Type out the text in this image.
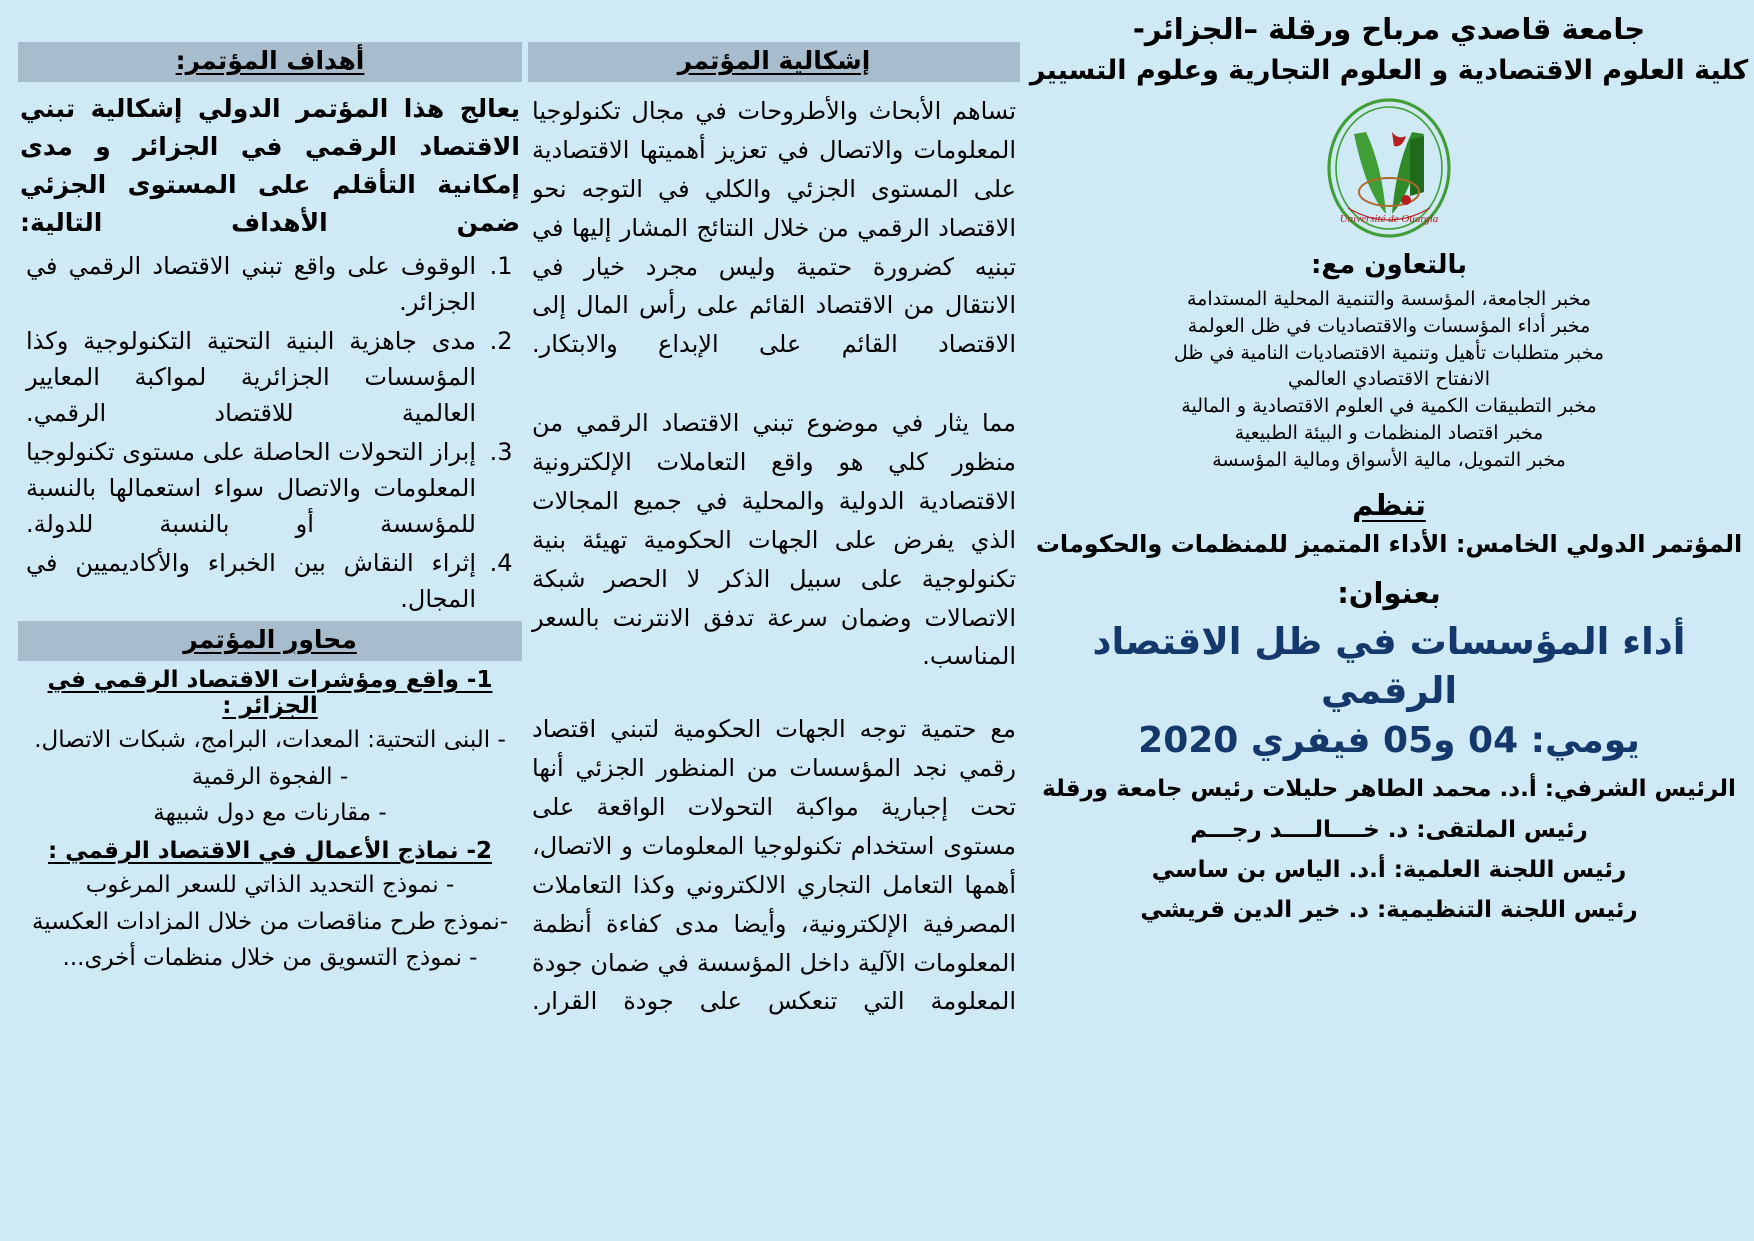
أهداف المؤتمر:
يعالج هذا المؤتمر الدولي إشكالية تبني الاقتصاد الرقمي في الجزائر و مدى إمكانية التأقلم على المستوى الجزئي ضمن الأهداف التالية:
1. الوقوف على واقع تبني الاقتصاد الرقمي في الجزائر.
2. مدى جاهزية البنية التحتية التكنولوجية وكذا المؤسسات الجزائرية لمواكبة المعايير العالمية للاقتصاد الرقمي.
3. إبراز التحولات الحاصلة على مستوى تكنولوجيا المعلومات والاتصال سواء استعمالها بالنسبة للمؤسسة أو بالنسبة للدولة.
4. إثراء النقاش بين الخبراء والأكاديميين في المجال.
محاور المؤتمر
1- واقع ومؤشرات الاقتصاد الرقمي في الجزائر :
- البنى التحتية: المعدات، البرامج، شبكات الاتصال.
- الفجوة الرقمية
- مقارنات مع دول شبيهة
2- نماذج الأعمال في الاقتصاد الرقمي :
- نموذج التحديد الذاتي للسعر المرغوب
-نموذج طرح مناقصات من خلال المزادات العكسية
- نموذج التسويق من خلال منظمات أخرى...
إشكالية المؤتمر
تساهم الأبحاث والأطروحات في مجال تكنولوجيا المعلومات والاتصال في تعزيز أهميتها الاقتصادية على المستوى الجزئي والكلي في التوجه نحو الاقتصاد الرقمي من خلال النتائج المشار إليها في تبنيه كضرورة حتمية وليس مجرد خيار في الانتقال من الاقتصاد القائم على رأس المال إلى الاقتصاد القائم على الإبداع والابتكار.
مما يثار في موضوع تبني الاقتصاد الرقمي من منظور كلي هو واقع التعاملات الإلكترونية الاقتصادية الدولية والمحلية في جميع المجالات الذي يفرض على الجهات الحكومية تهيئة بنية تكنولوجية على سبيل الذكر لا الحصر شبكة الاتصالات وضمان سرعة تدفق الانترنت بالسعر المناسب.
مع حتمية توجه الجهات الحكومية لتبني اقتصاد رقمي نجد المؤسسات من المنظور الجزئي أنها تحت إجبارية مواكبة التحولات الواقعة على مستوى استخدام تكنولوجيا المعلومات و الاتصال، أهمها التعامل التجاري الالكتروني وكذا التعاملات المصرفية الإلكترونية، وأيضا مدى كفاءة أنظمة المعلومات الآلية داخل المؤسسة في ضمان جودة المعلومة التي تنعكس على جودة القرار.
جامعة قاصدي مرباح ورقلة –الجزائر-
كلية العلوم الاقتصادية و العلوم التجارية وعلوم التسيير
Université de Ouargla
بالتعاون مع:
مخبر الجامعة، المؤسسة والتنمية المحلية المستدامة
مخبر أداء المؤسسات والاقتصاديات في ظل العولمة
مخبر متطلبات تأهيل وتنمية الاقتصاديات النامية في ظل
الانفتاح الاقتصادي العالمي
مخبر التطبيقات الكمية في العلوم الاقتصادية و المالية
مخبر اقتصاد المنظمات و البيئة الطبيعية
مخبر التمويل، مالية الأسواق ومالية المؤسسة
تنظم
المؤتمر الدولي الخامس: الأداء المتميز للمنظمات والحكومات
بعنوان:
أداء المؤسسات في ظل الاقتصاد الرقمي
يومي: 04 و05 فيفري 2020
الرئيس الشرفي: أ.د. محمد الطاهر حليلات رئيس جامعة ورقلة
رئيس الملتقى: د. خــــالــــد رجـــم
رئيس اللجنة العلمية: أ.د. الياس بن ساسي
رئيس اللجنة التنظيمية: د. خير الدين قريشي
